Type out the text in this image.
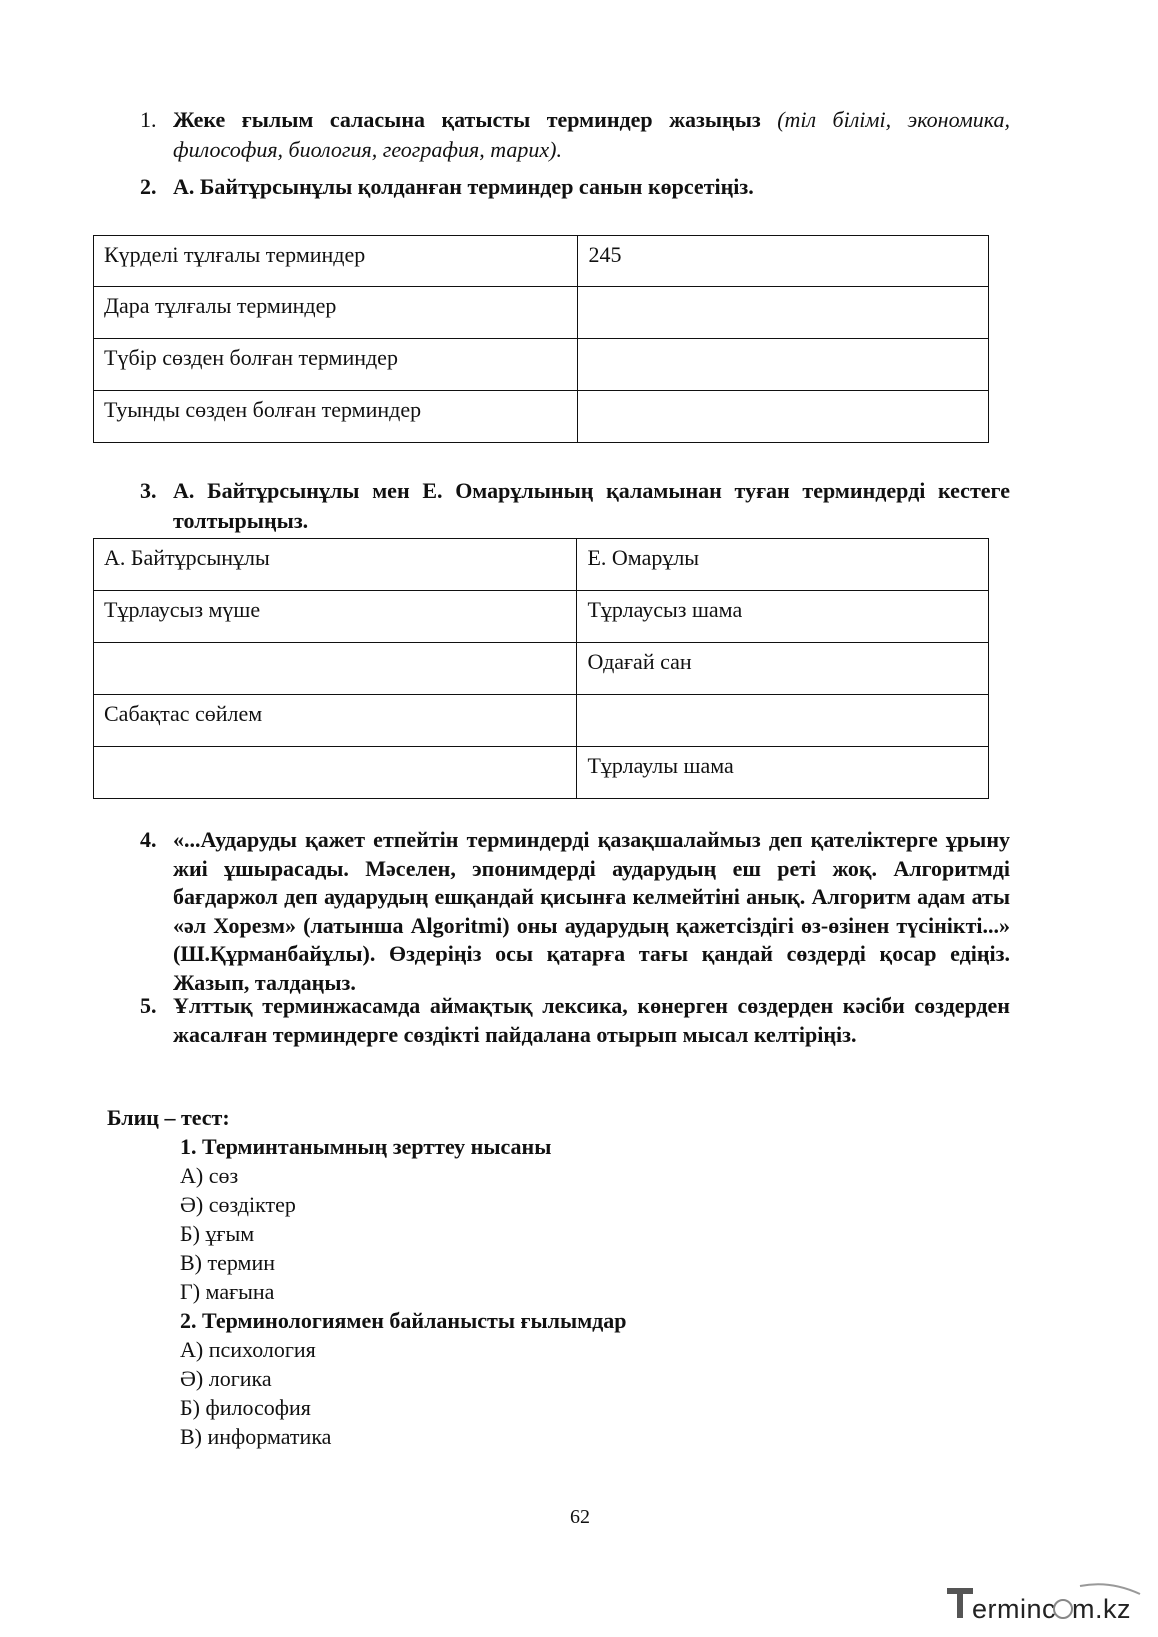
1. Жеке ғылым саласына қатысты терминдер жазыңыз (тіл білімі, экономика, философия, биология, география, тарих).
2. А. Байтұрсынұлы қолданған терминдер санын көрсетіңіз.
Күрделі тұлғалы терминдер	245
Дара тұлғалы терминдер	
Түбір сөзден болған терминдер	
Туынды сөзден болған терминдер	
3. А. Байтұрсынұлы мен Е. Омарұлының қаламынан туған терминдерді кестеге толтырыңыз.
А. Байтұрсынұлы	Е. Омарұлы
Тұрлаусыз мүше	Тұрлаусыз шама
	Одағай сан
Сабақтас сөйлем	
	Тұрлаулы шама
4. «...Аударуды қажет етпейтін терминдерді қазақшалаймыз деп қателіктерге ұрыну жиі ұшырасады. Мәселен, эпонимдерді аударудың еш реті жоқ. Алгоритмді бағдаржол деп аударудың ешқандай қисынға келмейтіні анық. Алгоритм адам аты «әл Хорезм» (латынша Algoritmi) оны аударудың қажетсіздігі өз-өзінен түсінікті...» (Ш.Құрманбайұлы). Өздеріңіз осы қатарға тағы қандай сөздерді қосар едіңіз. Жазып, талдаңыз.
5. Ұлттық терминжасамда аймақтық лексика, көнерген сөздерден кәсіби сөздерден жасалған терминдерге сөздікті пайдалана отырып мысал келтіріңіз.
Блиц – тест:
1. Терминтанымның зерттеу нысаны
А) сөз
Ә) сөздіктер
Б) ұғым
В) термин
Г) мағына
2. Терминологиямен байланысты ғылымдар
А) психология
Ә) логика
Б) философия
В) информатика
62
erminc m.kz
